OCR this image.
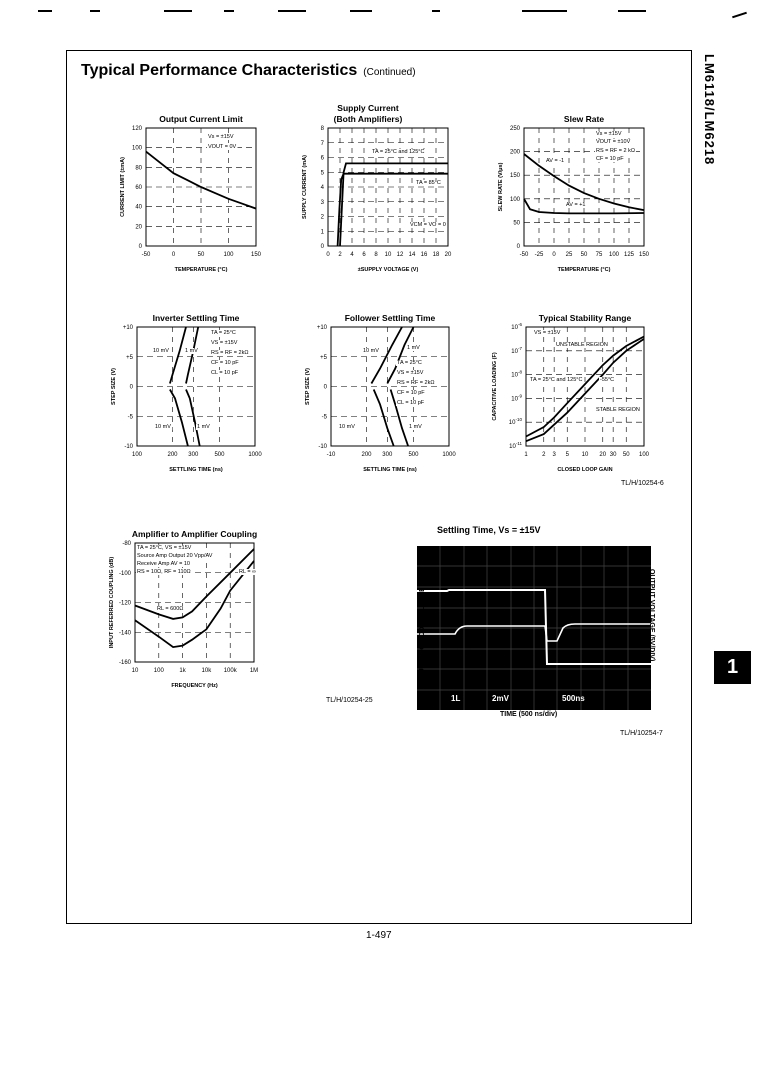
Typical Performance Characteristics (Continued)	LM6118/LM6218
1
1-497
TL/H/10254-6
TL/H/10254-25
TL/H/10254-7
0
20
40
60
80
100
120
-50	0	50	100	150
TEMPERATURE (°C)
CURRENT LIMIT (±mA)
Output Current Limit
Vs = ±15V
VOUT = 0V
0
1
2
3
4
5
6
7
8
0 2 4 6 8 10 12 14 16 18 20
±SUPPLY VOLTAGE (V)
SUPPLY CURRENT (mA)
Supply Current
(Both Amplifiers)
TA = 25°C and 125°C
TA = 85°C
VCM = VO = 0
0
50
100
150
200
250
-50 -25 0 25 50 75 100 125 150
TEMPERATURE (°C)
SLEW RATE (V/μs)
Slew Rate
Vs = ±15V
VOUT = ±10V
RS = RF = 2 kΩ
CF = 10 pF
AV = -1
AV = +1
-10
-5
0
+5
+10
100	200 300	500	1000
SETTLING TIME (ns)
STEP SIZE (V)
Inverter Settling Time
TA = 25°C
VS = ±15V
RS = RF = 2kΩ
CF = 10 pF
CL = 10 pF
10 mV	1 mV
10 mV	1 mV
-10
-5
0
+5
+10
-10	200 300	500	1000
SETTLING TIME (ns)
STEP SIZE (V)
Follower Settling Time
TA = 25°C
VS = ±15V
RS = RF = 2kΩ
CF = 10 pF
CL = 10 pF
10 mV	1 mV
10 mV	1 mV
$10^{-11}$
$10^{-10}$
$10^{-9}$
$10^{-8}$
$10^{-7}$
$10^{-6}$
1 2 3 5 10 20 30 50 100
CLOSED LOOP GAIN
CAPACITIVE LOADING (F)
Typical Stability Range
VS = ±15V
UNSTABLE REGION
TA = 25°C and 125°C	-55°C
STABLE REGION
-160
-140
-120
-100
-80
10	100	1k	10k 100k 1M
FREQUENCY (Hz)
INPUT REFERRED COUPLING (dB)
Amplifier to Amplifier Coupling
TA = 25°C, VS = ±15V
Source Amp Output 20 Vpp/AV
Receive Amp AV = 10
RS = 10Ω, RF = 110Ω
RL = 600Ω
RL = ∞
Settling Time, Vs = ±15V
1L	2mV	500ns
SUMMING NODE VOLTAGE (2 mV / DIV)	OUTPUT VOLTAGE (5V/DIV)
TIME (500 ns/div)
